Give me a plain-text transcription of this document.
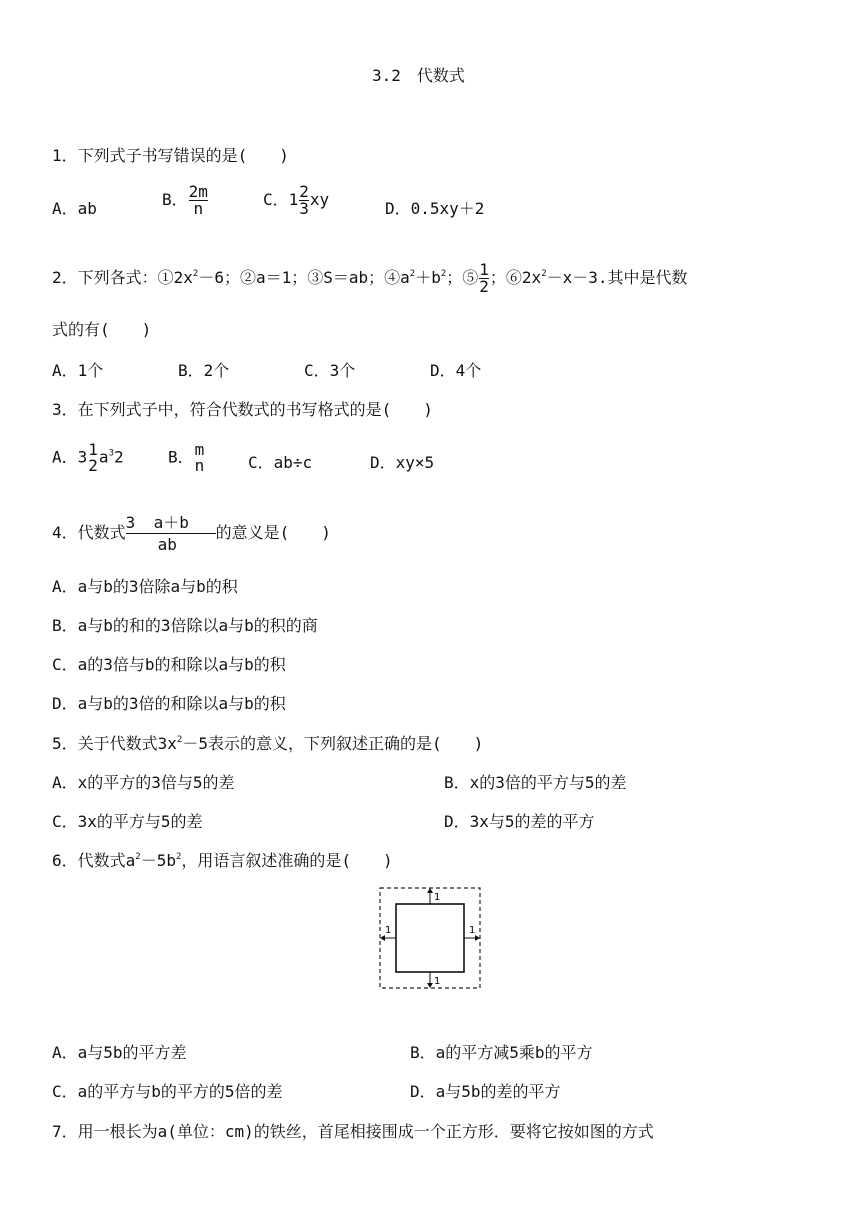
3.2　代数式
1．下列式子书写错误的是(　　)
A．ab	B． $\frac{2m}{n}$	C．$1 \frac{2}{3}$ xy	D．0.5xy＋2
2．下列各式：$①2x^2-6$；②a＝1；③S＝ab；$④a^2+b^2$；⑤ $\frac{1}{2}$ ；$⑥2x^2-x-3$.其中是代数
式的有(　　)
A．1个	B．2个	C．3个	D．4个
3．在下列式子中，符合代数式的书写格式的是(　　)
A．3 1
2 $a^32$	B． m
n	C．ab÷c	D．xy×5
4．代数式
3 a＋b
ab
的意义是(　　)
A．a与b的3倍除a与b的积
B．a与b的和的3倍除以a与b的积的商
C．a的3倍与b的和除以a与b的积
D．a与b的3倍的和除以a与b的积
5．关于代数式$3x^2-5$表示的意义，下列叙述正确的是(　　)
A．x的平方的3倍与5的差	B．x的3倍的平方与5的差
C．3x的平方与5的差	D．3x与5的差的平方
6．代数式$a^2-5b^2$，用语言叙述准确的是(　　)
1
1
1	1
A．a与5b的平方差	B．a的平方减5乘b的平方
C．a的平方与b的平方的5倍的差	D．a与5b的差的平方
7．用一根长为a(单位：cm)的铁丝，首尾相接围成一个正方形．要将它按如图的方式
